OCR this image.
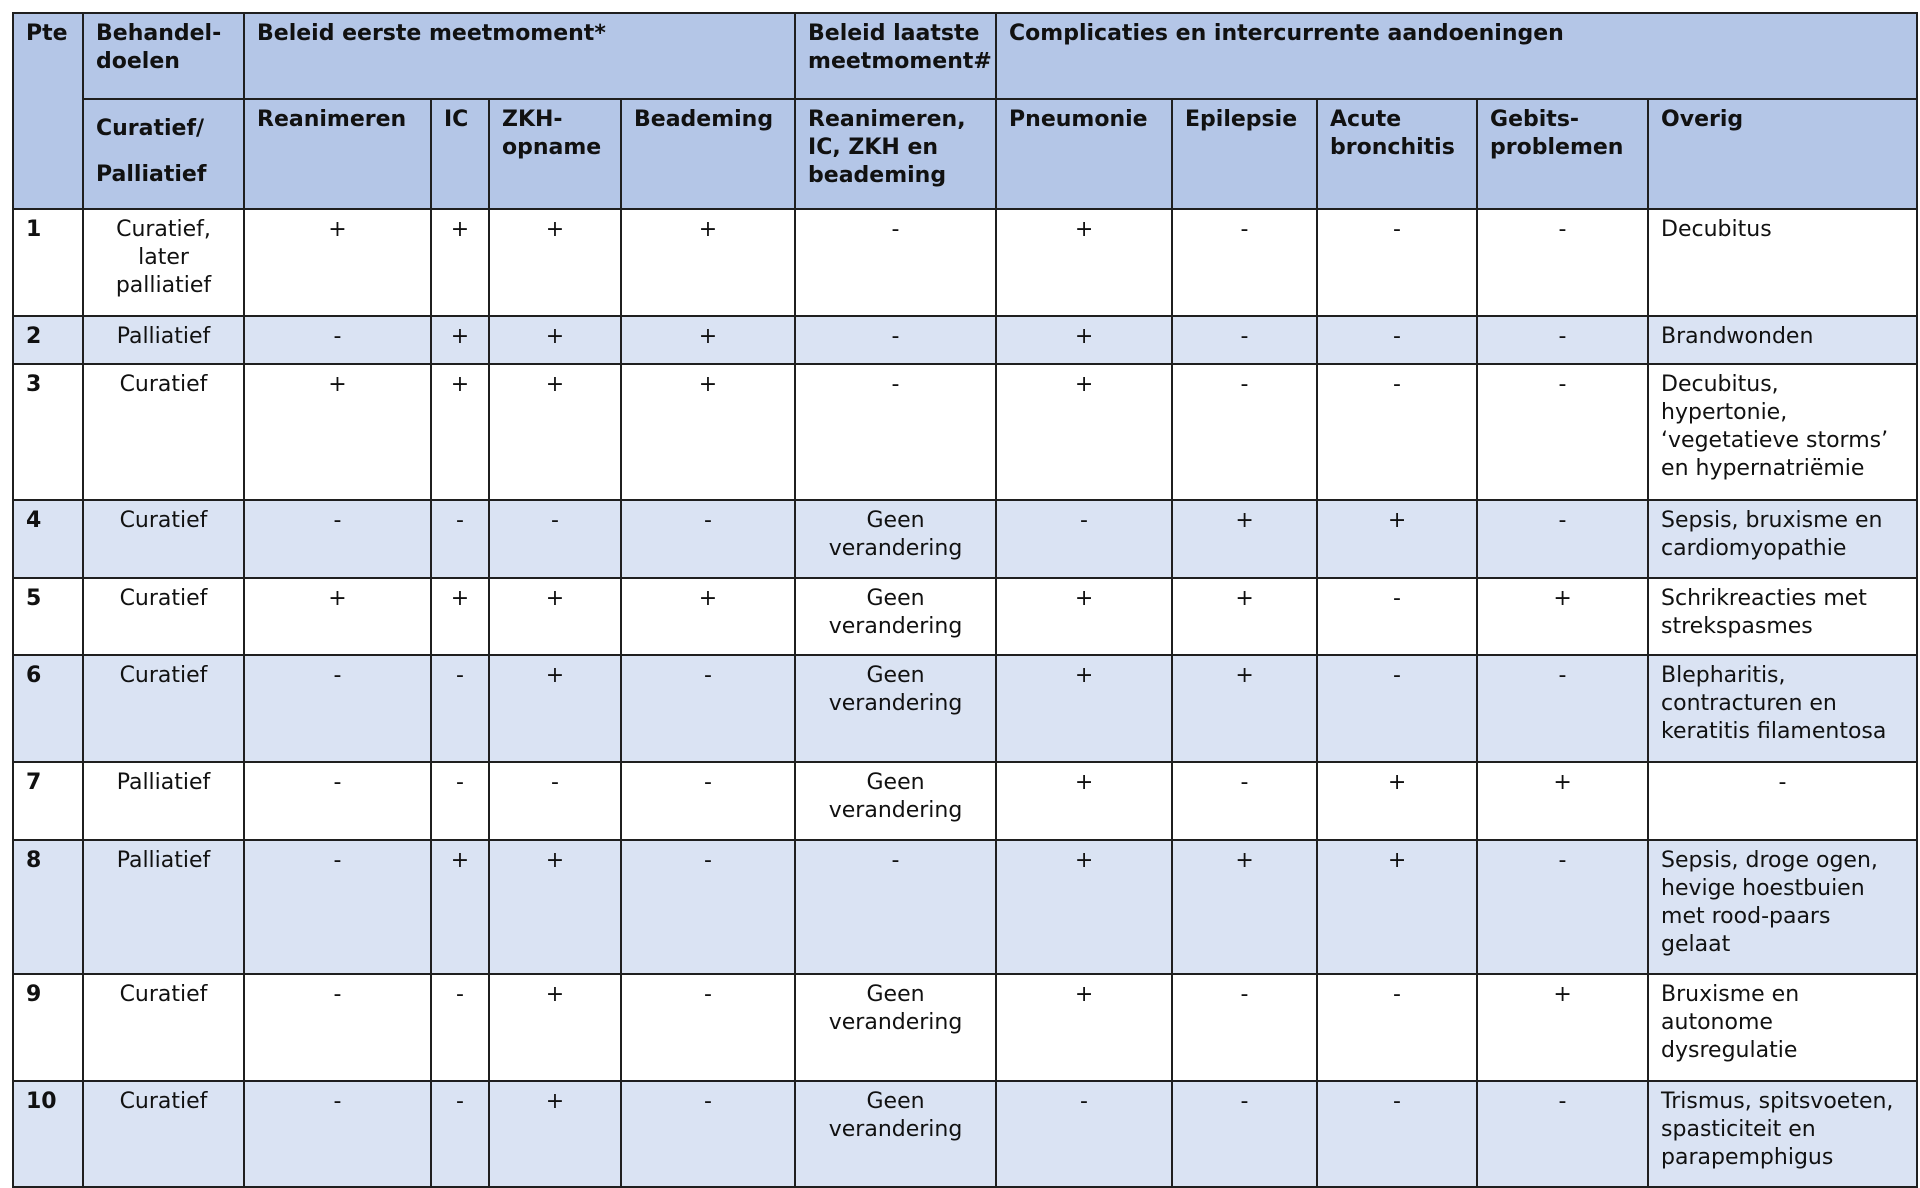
Pte	Behandel-doelen	Beleid eerste meetmoment*				Beleid laatste meetmoment#	Complicaties en intercurrente aandoeningen				
	Curatief/ Palliatief	Reanimeren	IC	ZKH-opname	Beademing	Reanimeren, IC, ZKH en beademing	Pneumonie	Epilepsie	Acute bronchitis	Gebits-problemen	Overig
1	Curatief, later palliatief	+	+	+	+	-	+	-	-	-	Decubitus
2	Palliatief	-	+	+	+	-	+	-	-	-	Brandwonden
3	Curatief	+	+	+	+	-	+	-	-	-	Decubitus, hypertonie, ‘vegetatieve storms’ en hypernatriëmie
4	Curatief	-	-	-	-	Geen verandering	-	+	+	-	Sepsis, bruxisme en cardiomyopathie
5	Curatief	+	+	+	+	Geen verandering	+	+	-	+	Schrikreacties met strekspasmes
6	Curatief	-	-	+	-	Geen verandering	+	+	-	-	Blepharitis, contracturen en keratitis filamentosa
7	Palliatief	-	-	-	-	Geen verandering	+	-	+	+	-
8	Palliatief	-	+	+	-	-	+	+	+	-	Sepsis, droge ogen, hevige hoestbuien met rood-paars gelaat
9	Curatief	-	-	+	-	Geen verandering	+	-	-	+	Bruxisme en autonome dysregulatie
10	Curatief	-	-	+	-	Geen verandering	-	-	-	-	Trismus, spitsvoeten, spasticiteit en parapemphigus
